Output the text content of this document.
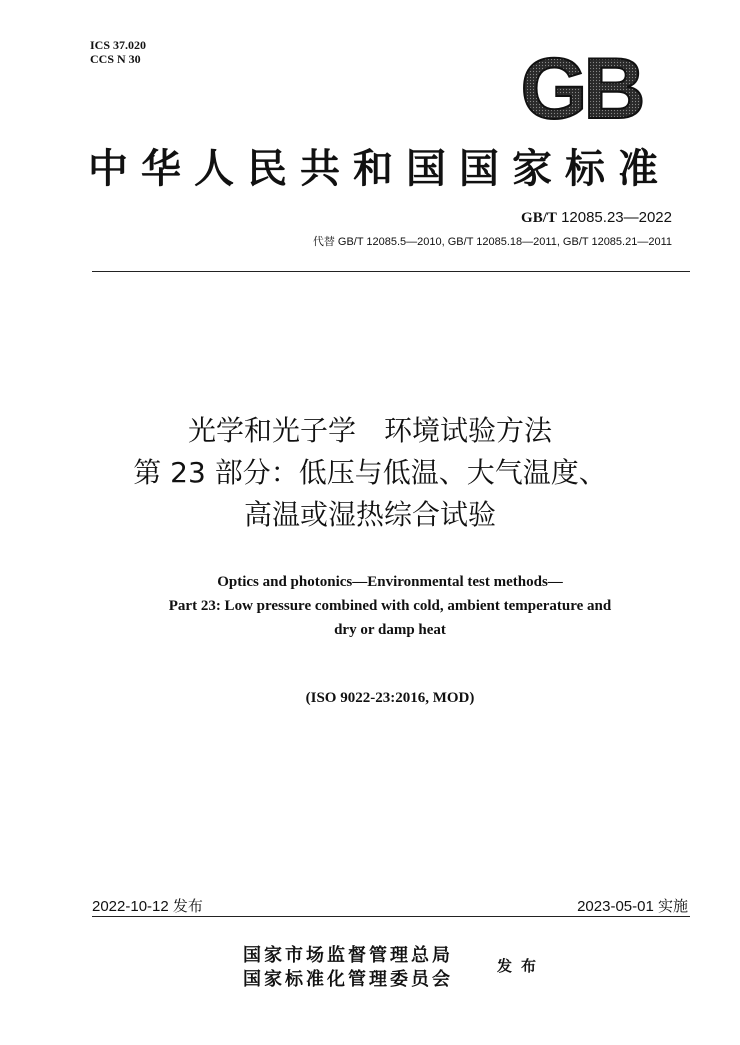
ICS 37.020
CCS N 30	GB
中华人民共和国国家标准
GB/T 12085.23—2022
代替 GB/T 12085.5—2010, GB/T 12085.18—2011, GB/T 12085.21—2011
光学和光子学　环境试验方法
第 23 部分：低压与低温、大气温度、
高温或湿热综合试验
Optics and photonics—Environmental test methods—
Part 23: Low pressure combined with cold, ambient temperature and
dry or damp heat
(ISO 9022-23:2016, MOD)
2022-10-12 发布	2023-05-01 实施
国家市场监督管理总局
国家标准化管理委员会
发布
